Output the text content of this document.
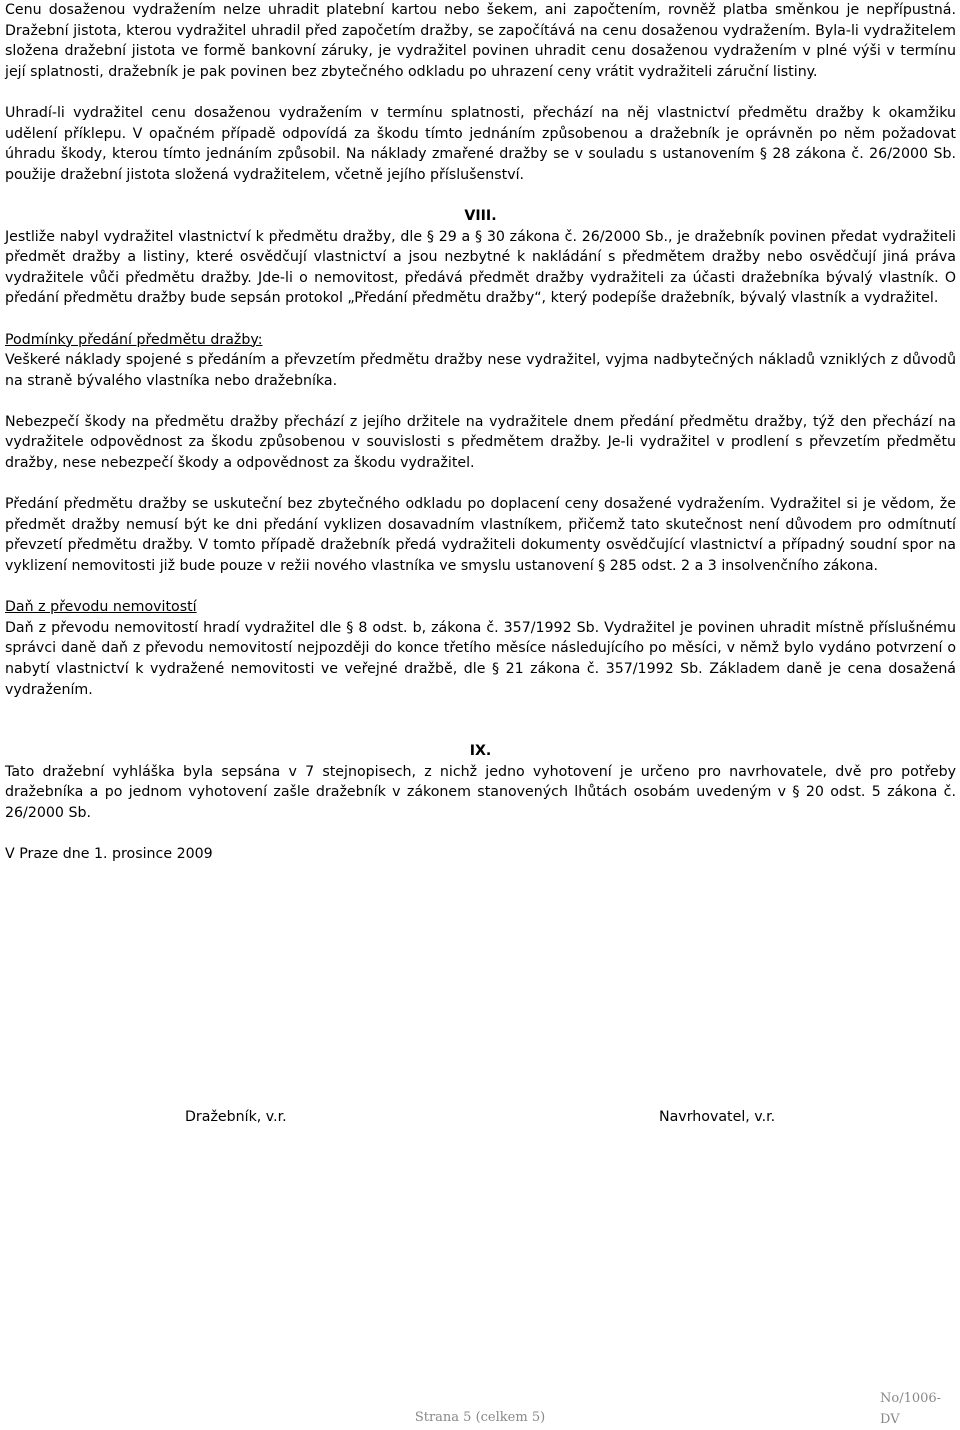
Cenu dosaženou vydražením nelze uhradit platební kartou nebo šekem, ani započtením, rovněž platba směnkou je nepřípustná. Dražební jistota, kterou vydražitel uhradil před započetím dražby, se započítává na cenu dosaženou vydražením. Byla-li vydražitelem složena dražební jistota ve formě bankovní záruky, je vydražitel povinen uhradit cenu dosaženou vydražením v plné výši v termínu její splatnosti, dražebník je pak povinen bez zbytečného odkladu po uhrazení ceny vrátit vydražiteli záruční listiny.

Uhradí-li vydražitel cenu dosaženou vydražením v termínu splatnosti, přechází na něj vlastnictví předmětu dražby k okamžiku udělení příklepu. V opačném případě odpovídá za škodu tímto jednáním způsobenou a dražebník je oprávněn po něm požadovat úhradu škody, kterou tímto jednáním způsobil. Na náklady zmařené dražby se v souladu s ustanovením § 28 zákona č. 26/2000 Sb. použije dražební jistota složená vydražitelem, včetně jejího příslušenství.

VIII.

Jestliže nabyl vydražitel vlastnictví k předmětu dražby, dle § 29 a § 30 zákona č. 26/2000 Sb., je dražebník povinen předat vydražiteli předmět dražby a listiny, které osvědčují vlastnictví a jsou nezbytné k nakládání s předmětem dražby nebo osvědčují jiná práva vydražitele vůči předmětu dražby. Jde-li o nemovitost, předává předmět dražby vydražiteli za účasti dražebníka bývalý vlastník. O předání předmětu dražby bude sepsán protokol „Předání předmětu dražby“, který podepíše dražebník, bývalý vlastník a vydražitel.

Podmínky předání předmětu dražby:

Veškeré náklady spojené s předáním a převzetím předmětu dražby nese vydražitel, vyjma nadbytečných nákladů vzniklých z důvodů na straně bývalého vlastníka nebo dražebníka.

Nebezpečí škody na předmětu dražby přechází z jejího držitele na vydražitele dnem předání předmětu dražby, týž den přechází na vydražitele odpovědnost za škodu způsobenou v souvislosti s předmětem dražby. Je-li vydražitel v prodlení s převzetím předmětu dražby, nese nebezpečí škody a odpovědnost za škodu vydražitel.

Předání předmětu dražby se uskuteční bez zbytečného odkladu po doplacení ceny dosažené vydražením. Vydražitel si je vědom, že předmět dražby nemusí být ke dni předání vyklizen dosavadním vlastníkem, přičemž tato skutečnost není důvodem pro odmítnutí převzetí předmětu dražby. V tomto případě dražebník předá vydražiteli dokumenty osvědčující vlastnictví a případný soudní spor na vyklizení nemovitosti již bude pouze v režii nového vlastníka ve smyslu ustanovení § 285 odst. 2 a 3 insolvenčního zákona.

Daň z převodu nemovitostí

Daň z převodu nemovitostí hradí vydražitel dle § 8 odst. b, zákona č. 357/1992 Sb. Vydražitel je povinen uhradit místně příslušnému správci daně daň z převodu nemovitostí nejpozději do konce třetího měsíce následujícího po měsíci, v němž bylo vydáno potvrzení o nabytí vlastnictví k vydražené nemovitosti ve veřejné dražbě, dle § 21 zákona č. 357/1992 Sb. Základem daně je cena dosažená vydražením.

IX.

Tato dražební vyhláška byla sepsána v 7 stejnopisech, z nichž jedno vyhotovení je určeno pro navrhovatele, dvě pro potřeby dražebníka a po jednom vyhotovení zašle dražebník v zákonem stanovených lhůtách osobám uvedeným v § 20 odst. 5 zákona č. 26/2000 Sb.

V Praze dne 1. prosince 2009

Dražebník, v.r.	Navrhovatel, v.r.
No/1006-DV
Strana 5 (celkem 5)
